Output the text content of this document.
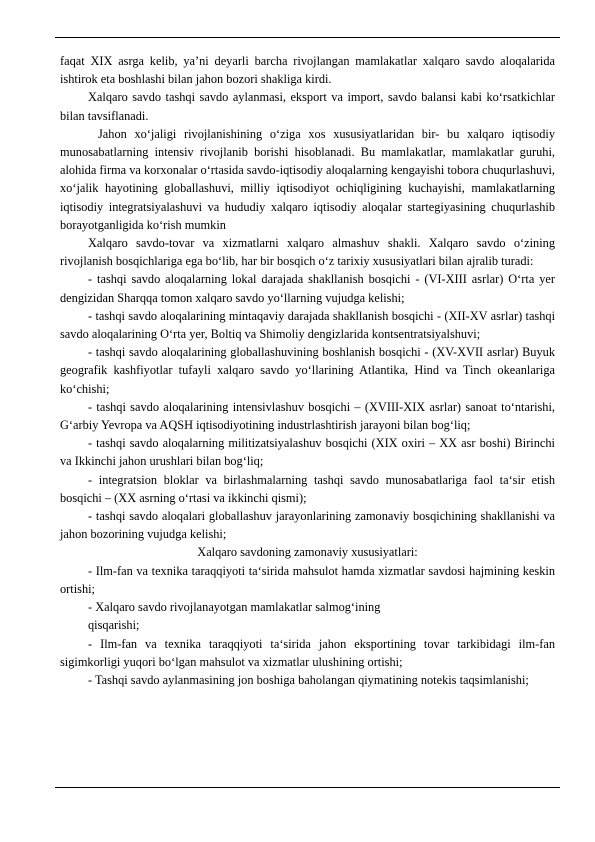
faqat XIX asrga kelib, ya’ni deyarli barcha rivojlangan mamlakatlar xalqaro savdo aloqalarida ishtirok eta boshlashi bilan jahon bozori shakliga kirdi.

Xalqaro savdo tashqi savdo aylanmasi, eksport va import, savdo balansi kabi ko‘rsatkichlar bilan tavsiflanadi.

Jahon xo‘jaligi rivojlanishining o‘ziga xos xususiyatlaridan bir- bu xalqaro iqtisodiy munosabatlarning intensiv rivojlanib borishi hisoblanadi. Bu mamlakatlar, mamlakatlar guruhi, alohida firma va korxonalar o‘rtasida savdo-iqtisodiy aloqalarning kengayishi tobora chuqurlashuvi, xo‘jalik hayotining globallashuvi, milliy iqtisodiyot ochiqligining kuchayishi, mamlakatlarning iqtisodiy integratsiyalashuvi va hududiy xalqaro iqtisodiy aloqalar startegiyasining chuqurlashib borayotganligida ko‘rish mumkin

Xalqaro savdo-tovar va xizmatlarni xalqaro almashuv shakli. Xalqaro savdo o‘zining rivojlanish bosqichlariga ega bo‘lib, har bir bosqich o‘z tarixiy xususiyatlari bilan ajralib turadi:

- tashqi savdo aloqalarning lokal darajada shakllanish bosqichi - (VI-XIII asrlar) O‘rta yer dengizidan Sharqqa tomon xalqaro savdo yo‘llarning vujudga kelishi;

- tashqi savdo aloqalarining mintaqaviy darajada shakllanish bosqichi - (XII-XV asrlar) tashqi savdo aloqalarining O‘rta yer, Boltiq va Shimoliy dengizlarida kontsentratsiyalshuvi;

- tashqi savdo aloqalarining globallashuvining boshlanish bosqichi - (XV-XVII asrlar) Buyuk geografik kashfiyotlar tufayli xalqaro savdo yo‘llarining Atlantika, Hind va Tinch okeanlariga ko‘chishi;

- tashqi savdo aloqalarining intensivlashuv bosqichi – (XVIII-XIX asrlar) sanoat to‘ntarishi, G‘arbiy Yevropa va AQSH iqtisodiyotining industrlashtirish jarayoni bilan bog‘liq;

- tashqi savdo aloqalarning militizatsiyalashuv bosqichi (XIX oxiri – XX asr boshi) Birinchi va Ikkinchi jahon urushlari bilan bog‘liq;

- integratsion bloklar va birlashmalarning tashqi savdo munosabatlariga faol ta‘sir etish bosqichi – (XX asrning o‘rtasi va ikkinchi qismi);

- tashqi savdo aloqalari globallashuv jarayonlarining zamonaviy bosqichining shakllanishi va jahon bozorining vujudga kelishi;

Xalqaro savdoning zamonaviy xususiyatlari:

- Ilm-fan va texnika taraqqiyoti ta‘sirida mahsulot hamda xizmatlar savdosi hajmining keskin ortishi;

- Xalqaro savdo rivojlanayotgan mamlakatlar salmog‘ining

qisqarishi;

- Ilm-fan va texnika taraqqiyoti ta‘sirida jahon eksportining tovar tarkibidagi ilm-fan sigimkorligi yuqori bo‘lgan mahsulot va xizmatlar ulushining ortishi;

- Tashqi savdo aylanmasining jon boshiga baholangan qiymatining notekis taqsimlanishi;
